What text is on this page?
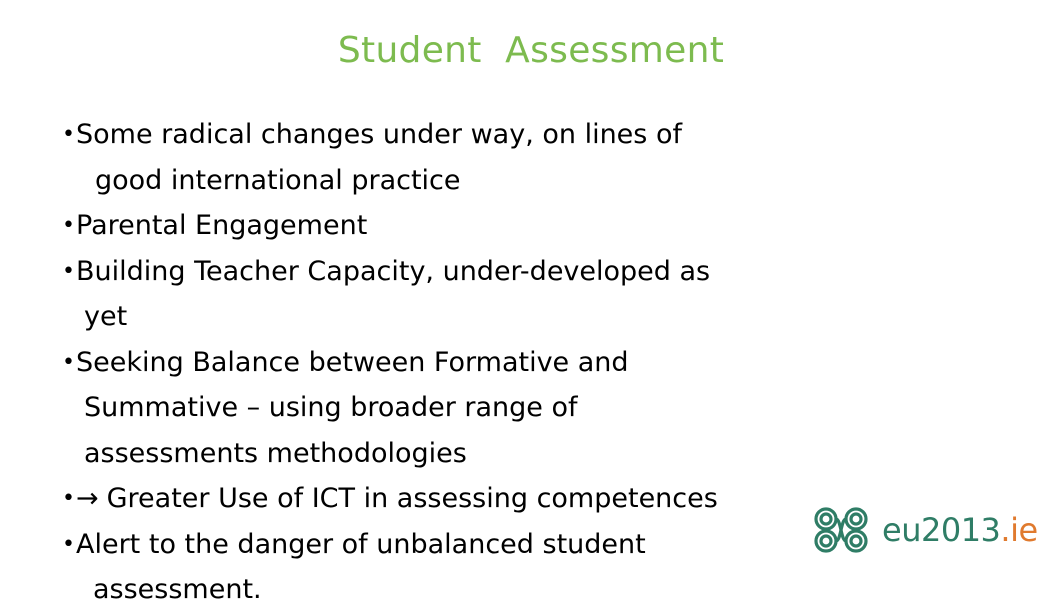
Student  Assessment
• Some radical changes under way, on lines of
good international practice
• Parental Engagement
• Building Teacher Capacity, under-developed as
yet
• Seeking Balance between Formative and
Summative – using broader range of
assessments methodologies
• → Greater Use of ICT in assessing competences
• Alert to the danger of unbalanced student
assessment.
eu2013.ie
